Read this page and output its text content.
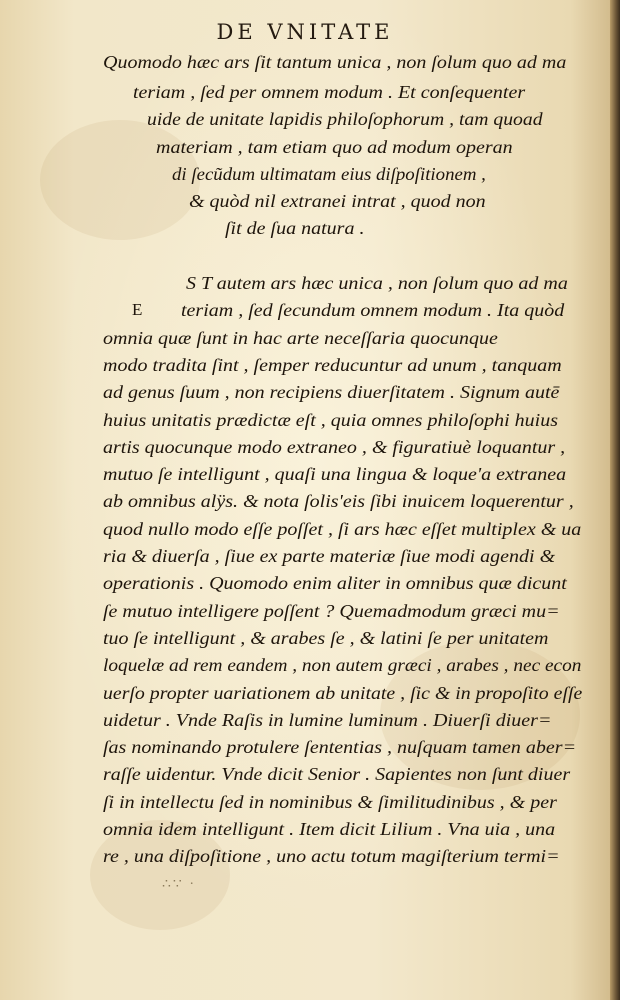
DE VNITATE
Quomodo hæc ars ſit tantum unica , non ſolum quo ad ma
teriam , ſed per omnem modum . Et conſequenter
uide de unitate lapidis philoſophorum , tam quoad
materiam , tam etiam quo ad modum operan
di ſecũdum ultimatam eius diſpoſitionem ,
& quòd nil extranei intrat , quod non
ſit de ſua natura .
E
S T autem ars hæc unica , non ſolum quo ad ma
teriam , ſed ſecundum omnem modum . Ita quòd
omnia quæ ſunt in hac arte neceſſaria quocunque
modo tradita ſint , ſemper reducuntur ad unum , tanquam
ad genus ſuum , non recipiens diuerſitatem . Signum autē
huius unitatis prædictæ eſt , quia omnes philoſophi huius
artis quocunque modo extraneo , & figuratiuè loquantur ,
mutuo ſe intelligunt , quaſi una lingua & loque'a extranea
ab omnibus alÿs. & nota ſolis'eis ſibi inuicem loquerentur ,
quod nullo modo eſſe poſſet , ſi ars hæc eſſet multiplex & ua
ria & diuerſa , ſiue ex parte materiæ ſiue modi agendi &
operationis . Quomodo enim aliter in omnibus quæ dicunt
ſe mutuo intelligere poſſent ? Quemadmodum græci mu=
tuo ſe intelligunt , & arabes ſe , & latini ſe per unitatem
loquelæ ad rem eandem , non autem græci , arabes , nec econ
uerſo propter uariationem ab unitate , ſic & in propoſito eſſe
uidetur . Vnde Raſis in lumine luminum . Diuerſi diuer=
ſas nominando protulere ſententias , nuſquam tamen aber=
raſſe uidentur. Vnde dicit Senior . Sapientes non ſunt diuer
ſi in intellectu ſed in nominibus & ſimilitudinibus , & per
omnia idem intelligunt . Item dicit Lilium . Vna uia , una
re , una diſpoſitione , uno actu totum magiſterium termi=
∴∵ ·
